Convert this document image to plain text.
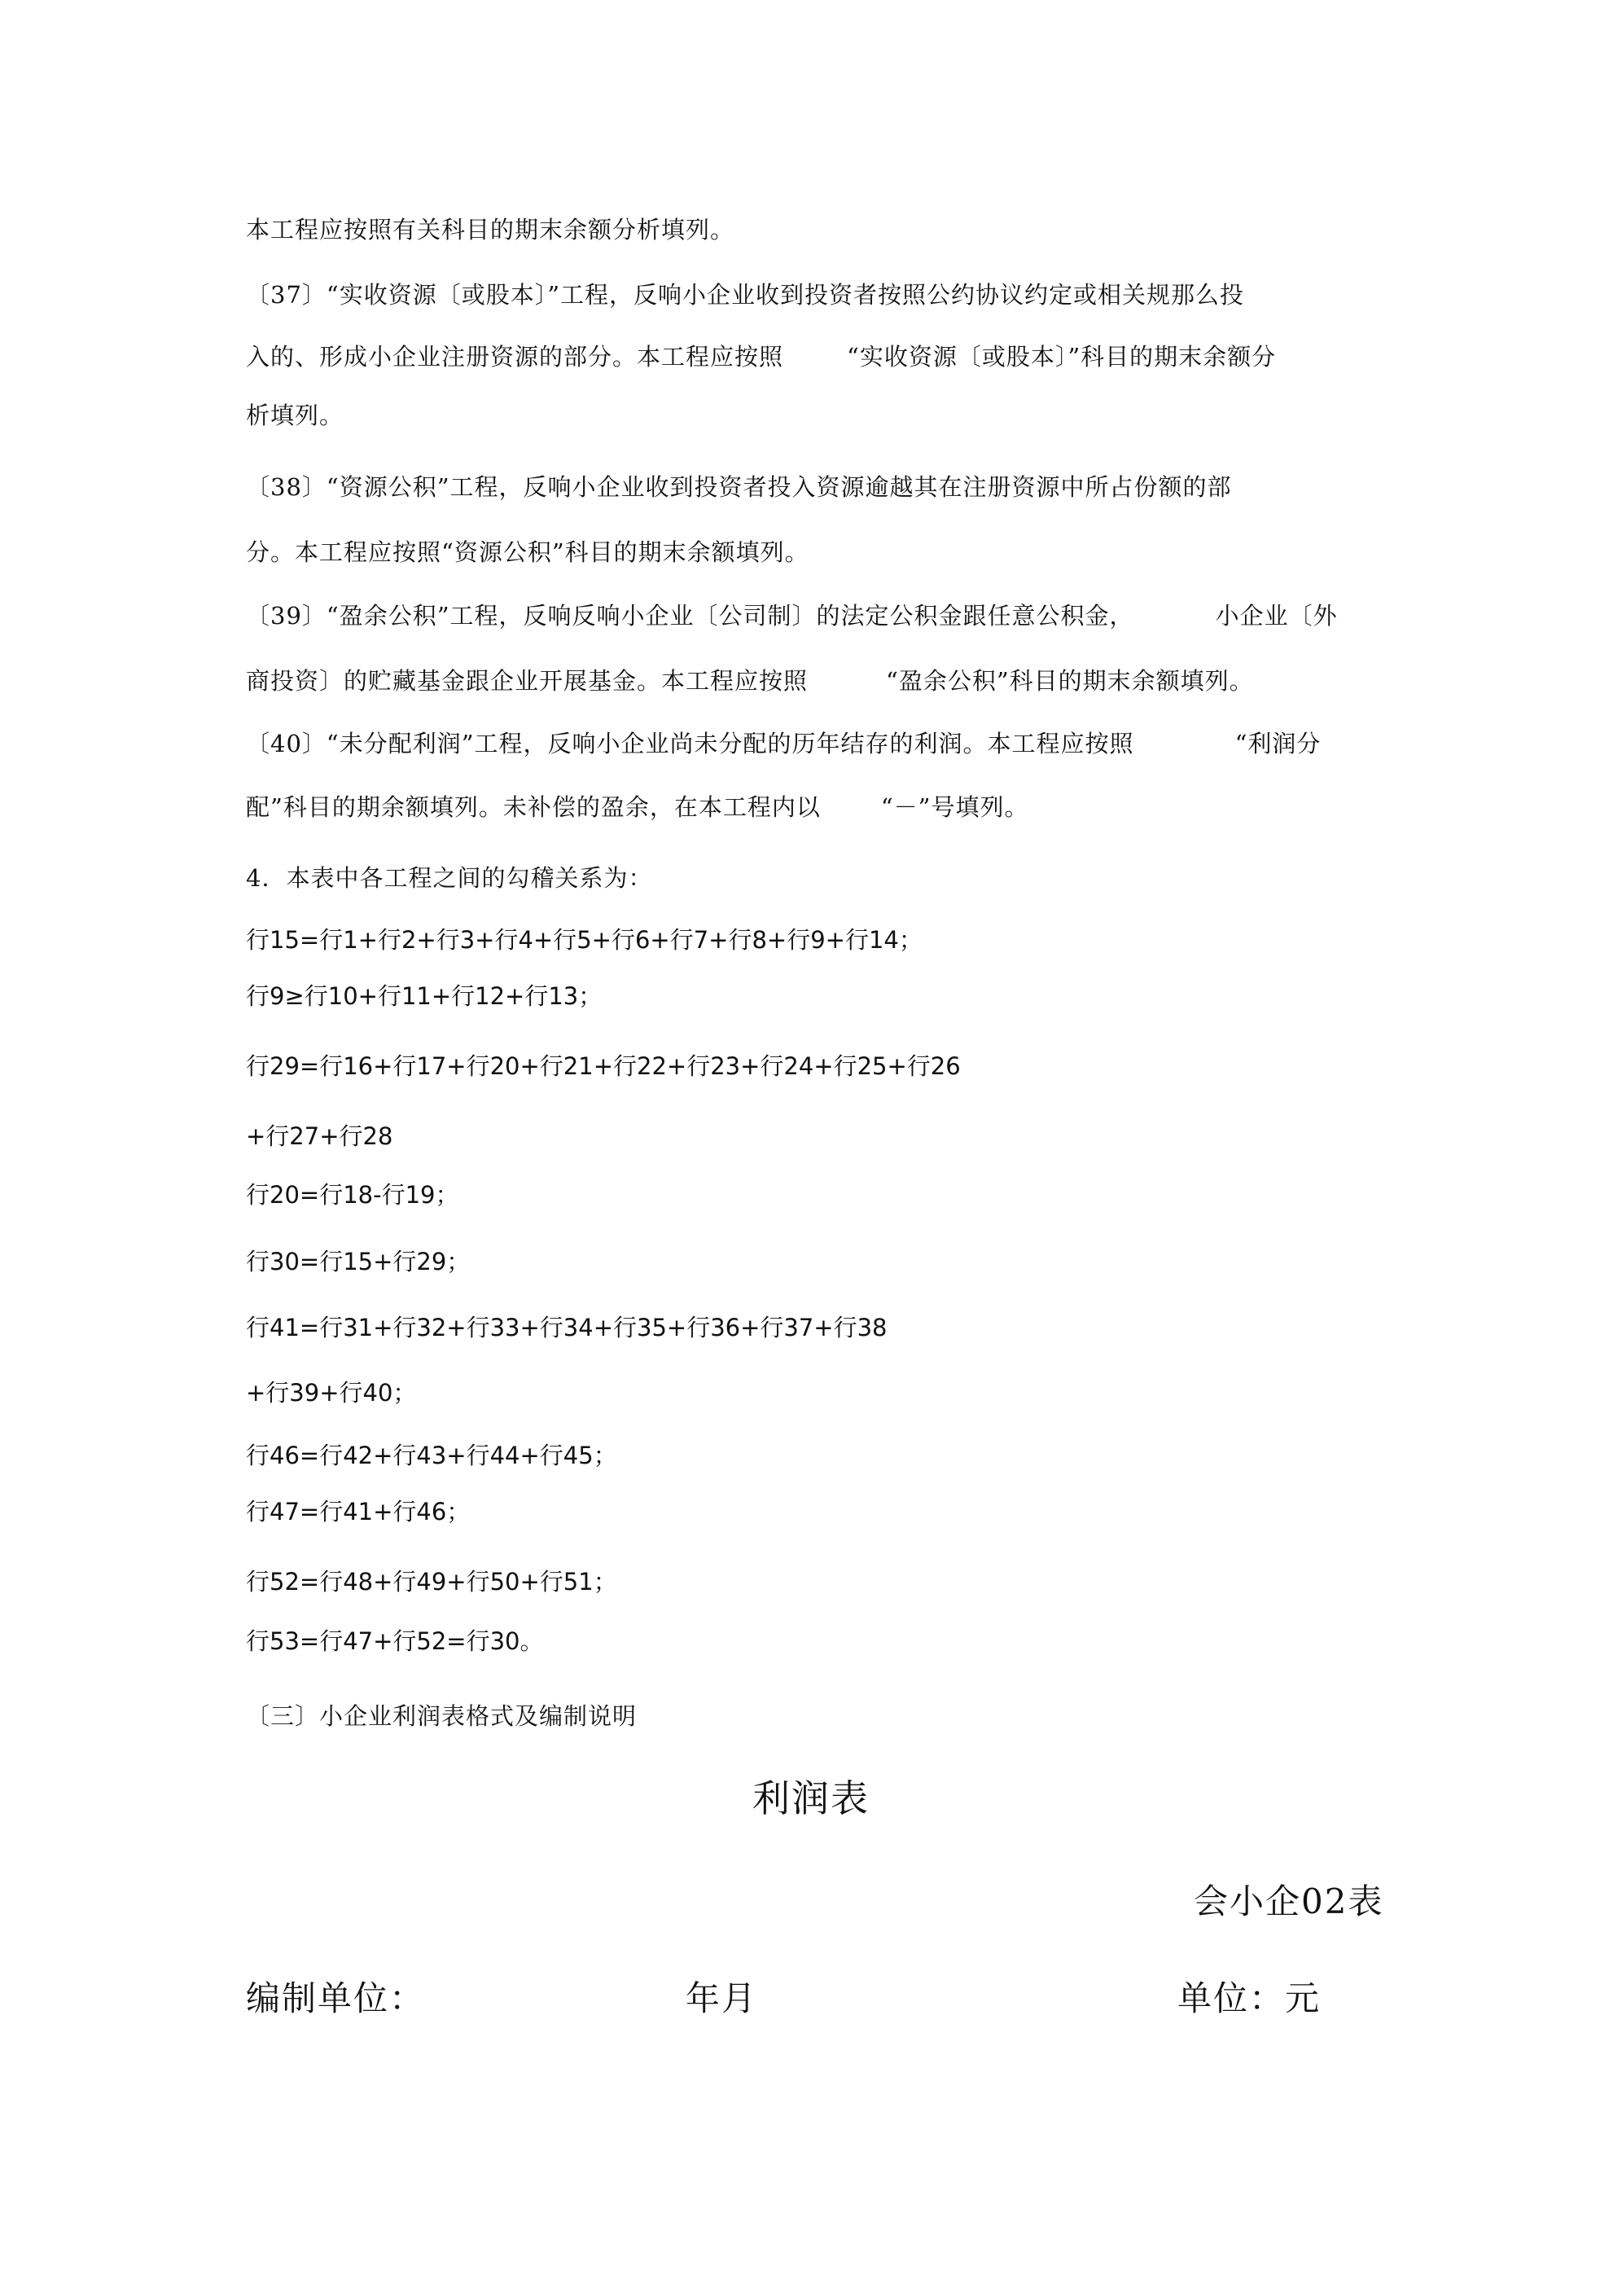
本工程应按照有关科目的期末余额分析填列。
〔37〕“实收资源〔或股本〕”工程，反响小企业收到投资者按照公约协议约定或相关规那么投
入的、形成小企业注册资源的部分。本工程应按照	“实收资源〔或股本〕”科目的期末余额分
析填列。
〔38〕“资源公积”工程，反响小企业收到投资者投入资源逾越其在注册资源中所占份额的部
分。本工程应按照“资源公积”科目的期末余额填列。
〔39〕“盈余公积”工程，反响反响小企业〔公司制〕的法定公积金跟任意公积金，	小企业〔外
商投资〕的贮藏基金跟企业开展基金。本工程应按照	“盈余公积”科目的期末余额填列。
〔40〕“未分配利润”工程，反响小企业尚未分配的历年结存的利润。本工程应按照	“利润分
配”科目的期余额填列。未补偿的盈余，在本工程内以	“－”号填列。
4．本表中各工程之间的勾稽关系为：
行15=行1+行2+行3+行4+行5+行6+行7+行8+行9+行14；
行9≥行10+行11+行12+行13；
行29=行16+行17+行20+行21+行22+行23+行24+行25+行26
+行27+行28
行20=行18-行19；
行30=行15+行29；
行41=行31+行32+行33+行34+行35+行36+行37+行38
+行39+行40；
行46=行42+行43+行44+行45；
行47=行41+行46；
行52=行48+行49+行50+行51；
行53=行47+行52=行30。
〔三〕小企业利润表格式及编制说明
利润表
会小企02表
编制单位：	年月	单位：元
